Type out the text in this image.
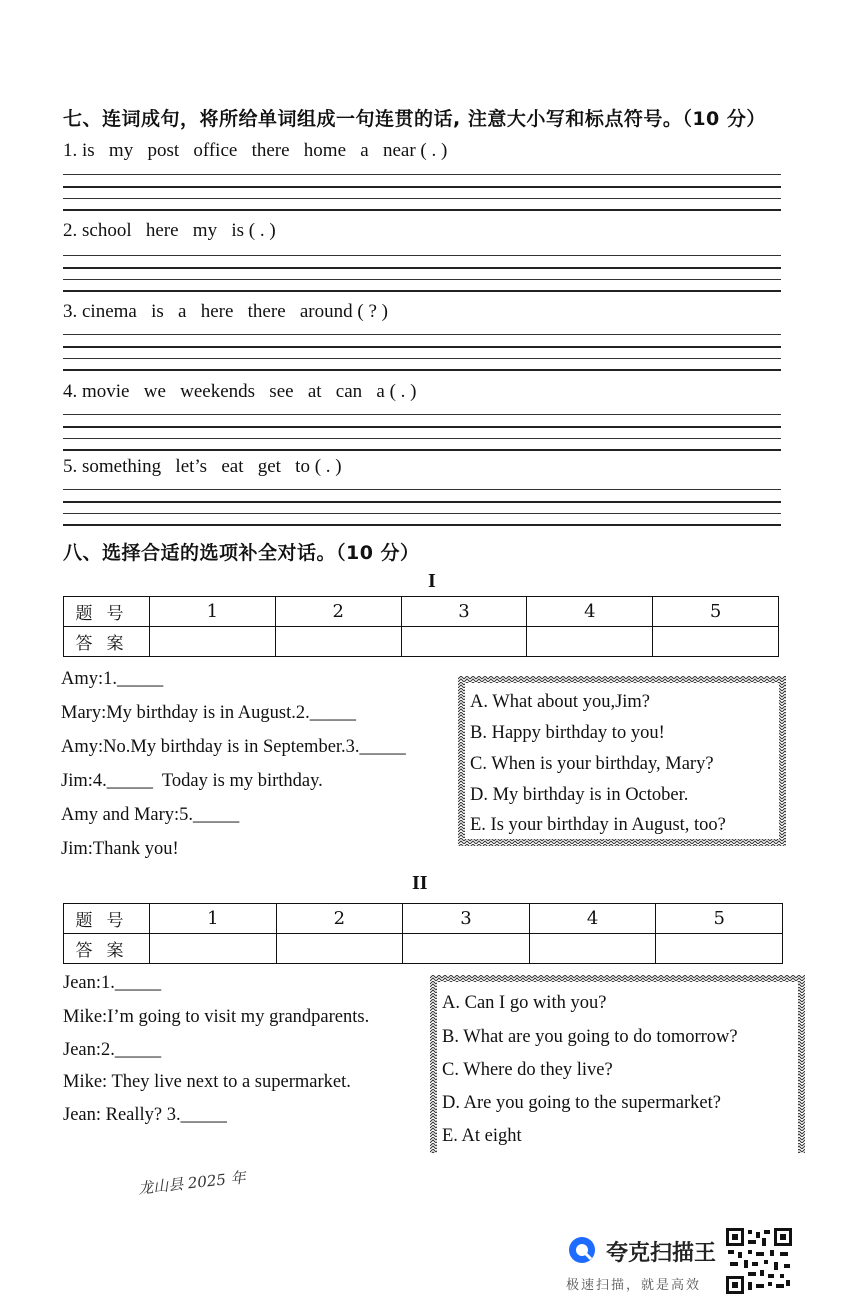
七、连词成句，将所给单词组成一句连贯的话, 注意大小写和标点符号。（10 分）
1. is   my   post   office   there   home   a   near ( . )
2. school   here   my   is ( . )
3. cinema   is   a   here   there   around ( ? )
4. movie   we   weekends   see   at   can   a ( . )
5. something   let’s   eat   get   to ( . )
八、选择合适的选项补全对话。（10 分）
I
题号	1	2	3	4	5
答案					
Amy:1._____
Mary:My birthday is in August.2._____
Amy:No.My birthday is in September.3._____
Jim:4._____  Today is my birthday.
Amy and Mary:5._____
Jim:Thank you!
A. What about you,Jim?
B. Happy birthday to you!
C. When is your birthday, Mary?
D. My birthday is in October.
E. Is your birthday in August, too?
II
题号	1	2	3	4	5
答案					
Jean:1._____
Mike:I’m going to visit my grandparents.
Jean:2._____
Mike: They live next to a supermarket.
Jean: Really? 3._____
A. Can I go with you?
B. What are you going to do tomorrow?
C. Where do they live?
D. Are you going to the supermarket?
E. At eight
龙山县 2025 年
夸克扫描王
极速扫描，就是高效
